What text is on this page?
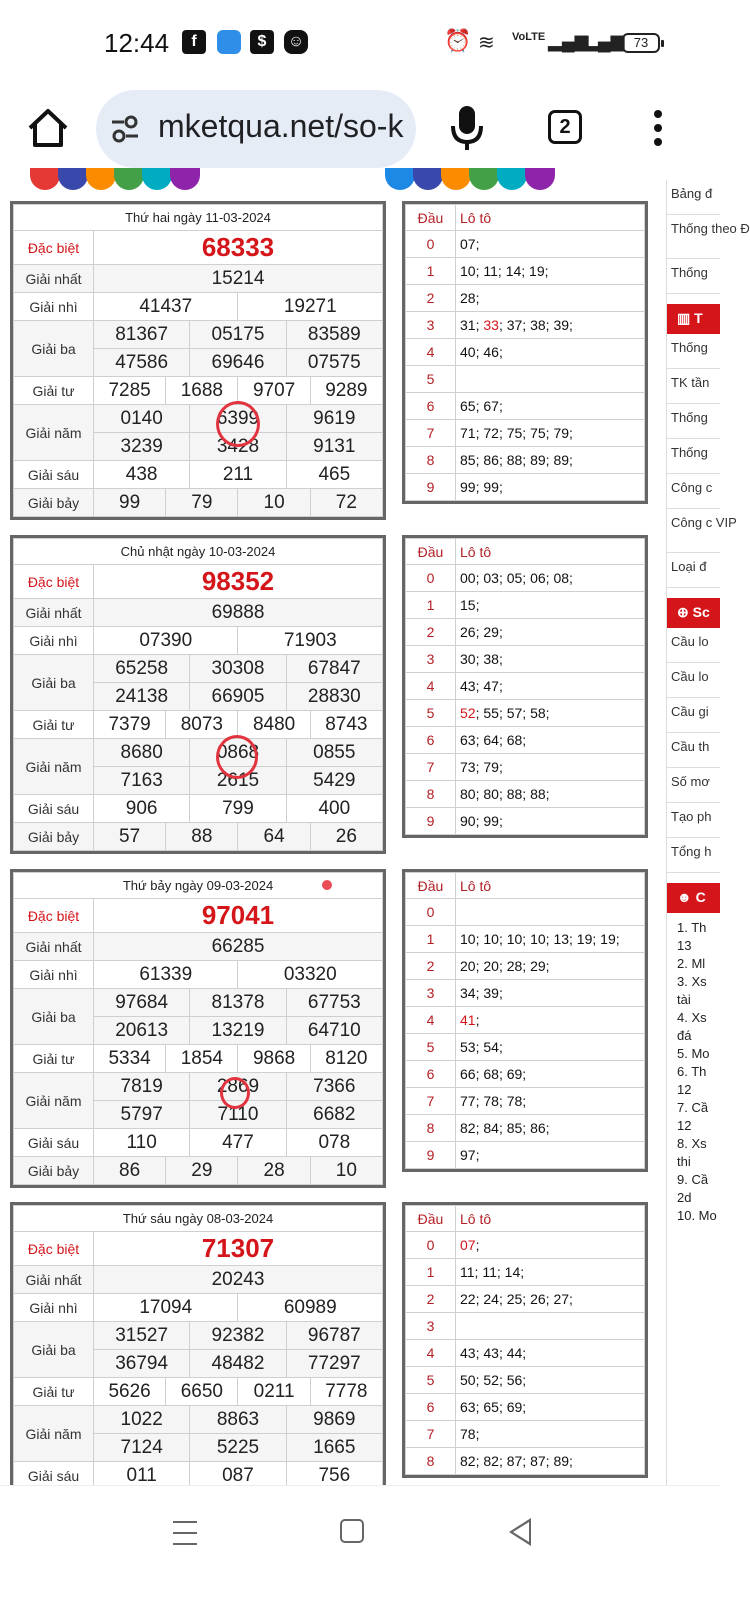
12:44	f	$	☺	⏰ ≋ VoLTE ▂▄▆
▂▄▆ 73
mketqua.net/so-k	2
Thứ hai ngày 11-03-2024						
Đặc biệt	68333					
Giải nhất	15214					
Giải nhì	41437			19271		
Giải ba	81367		05175		83589	
	47586		69646		07575	
Giải tư	7285	1688		9707		9289
Giải năm	0140		6399		9619	
	3239		3428		9131	
Giải sáu	438		211		465	
Giải bảy	99	79		10		72
Đầu	Lô tô
0	07;
1	10; 11; 14; 19;
2	28;
3	31; 33; 37; 38; 39;
4	40; 46;
5	
6	65; 67;
7	71; 72; 75; 75; 79;
8	85; 86; 88; 89; 89;
9	99; 99;
Chủ nhật ngày 10-03-2024						
Đặc biệt	98352					
Giải nhất	69888					
Giải nhì	07390			71903		
Giải ba	65258		30308		67847	
	24138		66905		28830	
Giải tư	7379	8073		8480		8743
Giải năm	8680		0868		0855	
	7163		2615		5429	
Giải sáu	906		799		400	
Giải bảy	57	88		64		26
Đầu	Lô tô
0	00; 03; 05; 06; 08;
1	15;
2	26; 29;
3	30; 38;
4	43; 47;
5	52; 55; 57; 58;
6	63; 64; 68;
7	73; 79;
8	80; 80; 88; 88;
9	90; 99;
Thứ bảy ngày 09-03-2024						
Đặc biệt	97041					
Giải nhất	66285					
Giải nhì	61339			03320		
Giải ba	97684		81378		67753	
	20613		13219		64710	
Giải tư	5334	1854		9868		8120
Giải năm	7819		2869		7366	
	5797		7110		6682	
Giải sáu	110		477		078	
Giải bảy	86	29		28		10
Đầu	Lô tô
0	
1	10; 10; 10; 10; 13; 19; 19;
2	20; 20; 28; 29;
3	34; 39;
4	41;
5	53; 54;
6	66; 68; 69;
7	77; 78; 78;
8	82; 84; 85; 86;
9	97;
Thứ sáu ngày 08-03-2024						
Đặc biệt	71307					
Giải nhất	20243					
Giải nhì	17094			60989		
Giải ba	31527		92382		96787	
	36794		48482		77297	
Giải tư	5626	6650		0211		7778
Giải năm	1022		8863		9869	
	7124		5225		1665	
Giải sáu	011		087		756	
Đầu	Lô tô
0	07;
1	11; 11; 14;
2	22; 24; 25; 26; 27;
3	
4	43; 43; 44;
5	50; 52; 56;
6	63; 65; 69;
7	78;
8	82; 82; 87; 87; 89;
Bảng đ
Thống theo Đ
Thống
▥ T
Thống
TK tần
Thống
Thống
Công c
Công c VIP
Loại đ
⊕ Sc
Cầu lo
Cầu lo
Cầu gi
Cầu th
Số mơ
Tạo ph
Tổng h
☻ C
1. Th
13
2. Ml
3. Xs
tài
4. Xs
đá
5. Mo
6. Th
12
7. Cầ
12
8. Xs
thi
9. Cầ
2d
10. Mo
